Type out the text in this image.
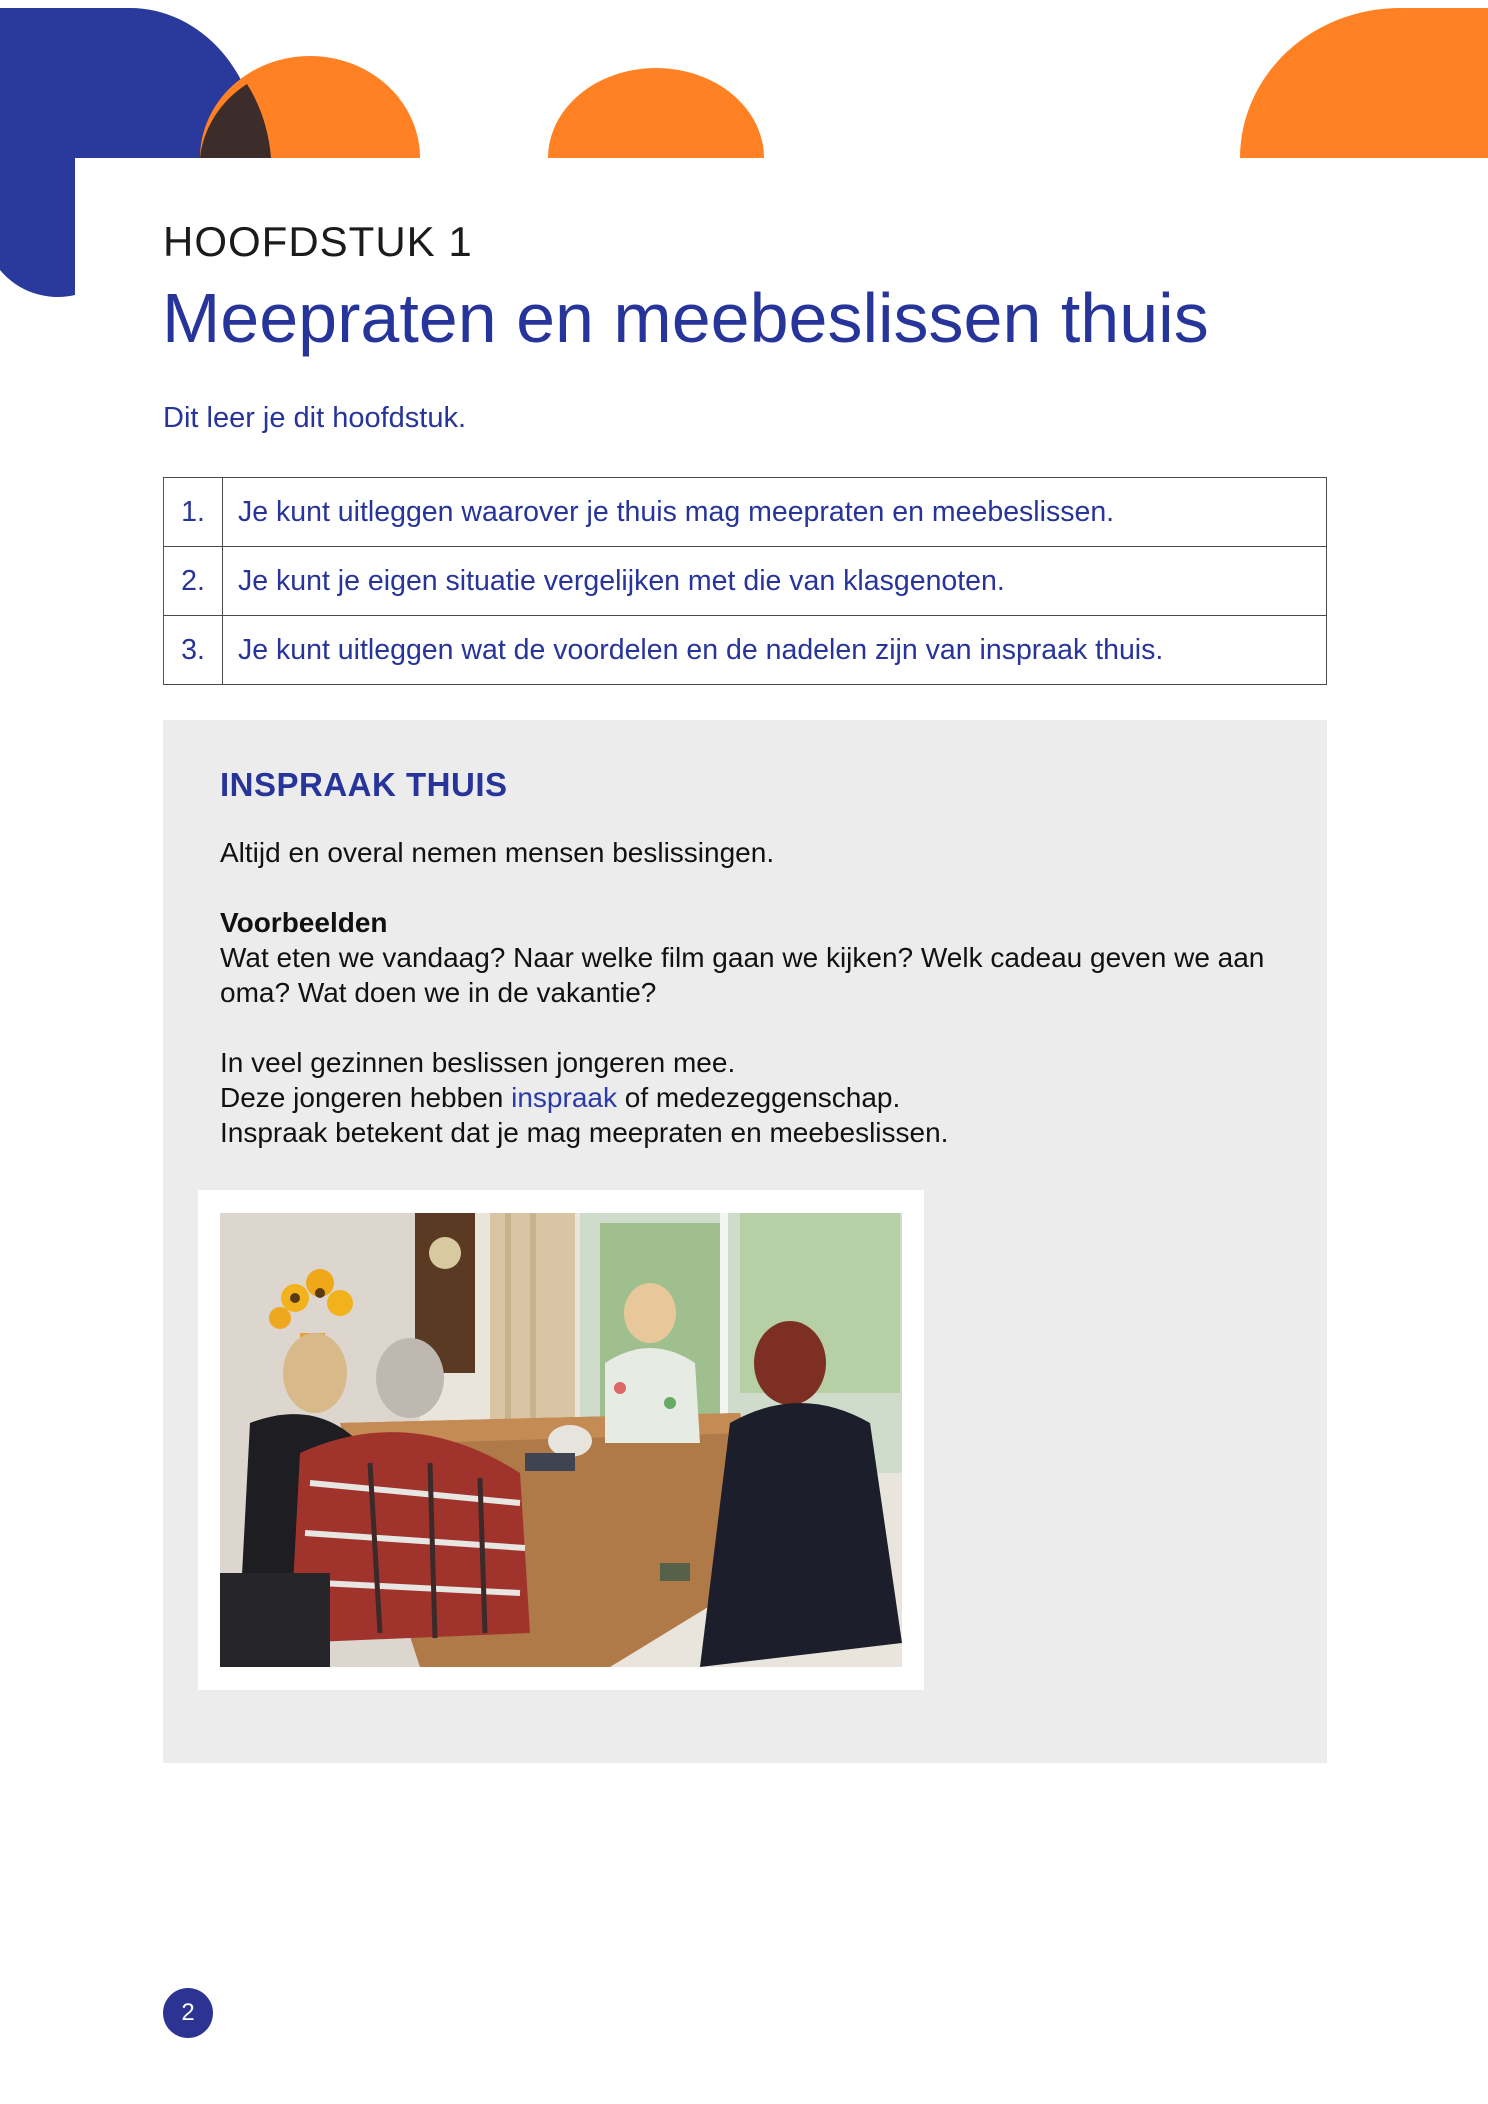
HOOFDSTUK 1
Meepraten en meebeslissen thuis
Dit leer je dit hoofdstuk.
1.	Je kunt uitleggen waarover je thuis mag meepraten en meebeslissen.
2.	Je kunt je eigen situatie vergelijken met die van klasgenoten.
3.	Je kunt uitleggen wat de voordelen en de nadelen zijn van inspraak thuis.
INSPRAAK THUIS

Altijd en overal nemen mensen beslissingen.

Voorbeelden
Wat eten we vandaag? Naar welke film gaan we kijken? Welk cadeau geven we aan oma? Wat doen we in de vakantie?

In veel gezinnen beslissen jongeren mee.
Deze jongeren hebben inspraak of medezeggenschap.
Inspraak betekent dat je mag meepraten en meebeslissen.

2
